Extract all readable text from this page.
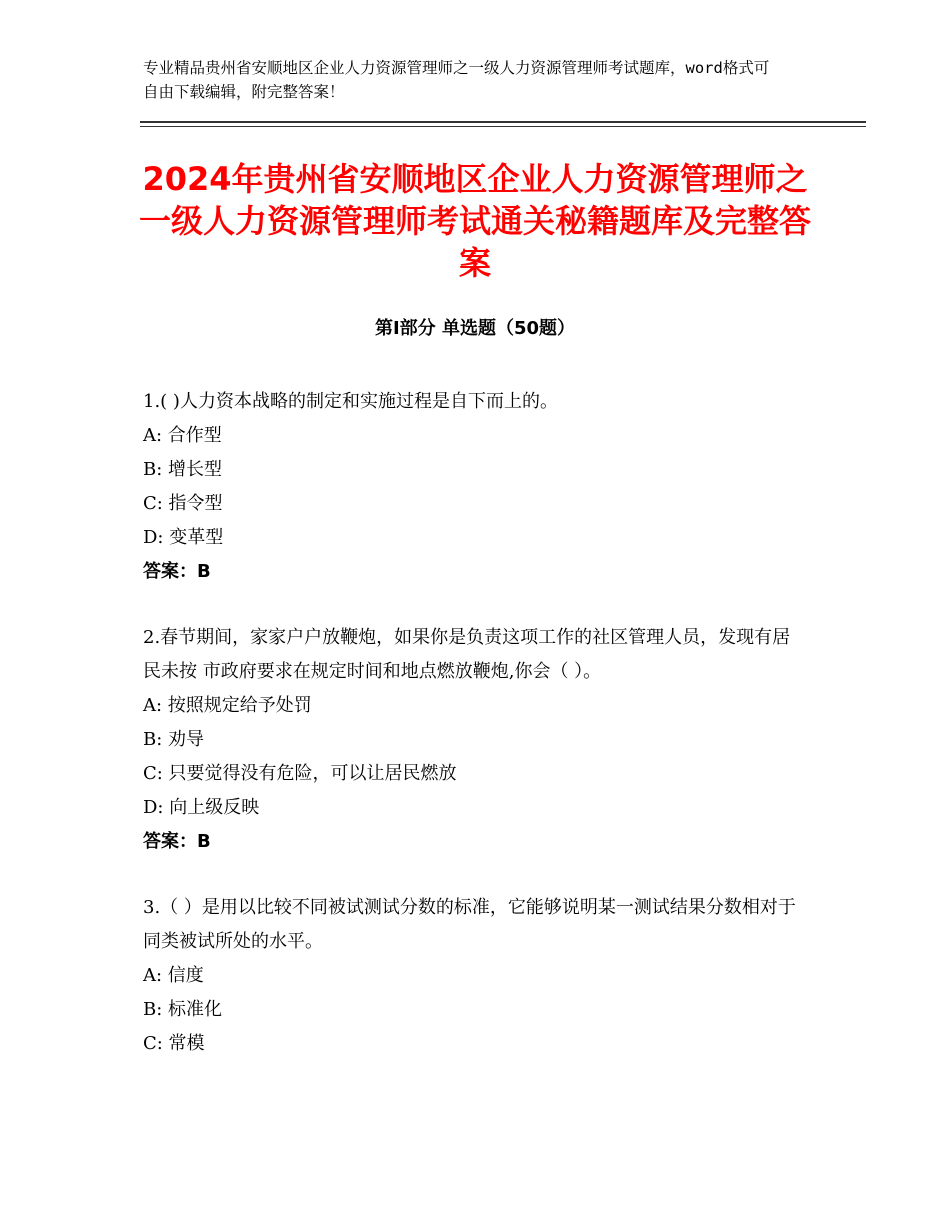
专业精品贵州省安顺地区企业人力资源管理师之一级人力资源管理师考试题库，word格式可自由下载编辑，附完整答案！
2024年贵州省安顺地区企业人力资源管理师之一级人力资源管理师考试通关秘籍题库及完整答案
第Ⅰ部分 单选题（50题）

1.( )人力资本战略的制定和实施过程是自下而上的。

A: 合作型

B: 增长型

C: 指令型

D: 变革型

答案：B

2.春节期间，家家户户放鞭炮，如果你是负责这项工作的社区管理人员，发现有居民未按 市政府要求在规定时间和地点燃放鞭炮,你会（ ）。

A: 按照规定给予处罚

B: 劝导

C: 只要觉得没有危险，可以让居民燃放

D: 向上级反映

答案：B

3.（ ）是用以比较不同被试测试分数的标准，它能够说明某一测试结果分数相对于同类被试所处的水平。

A: 信度

B: 标准化

C: 常模
